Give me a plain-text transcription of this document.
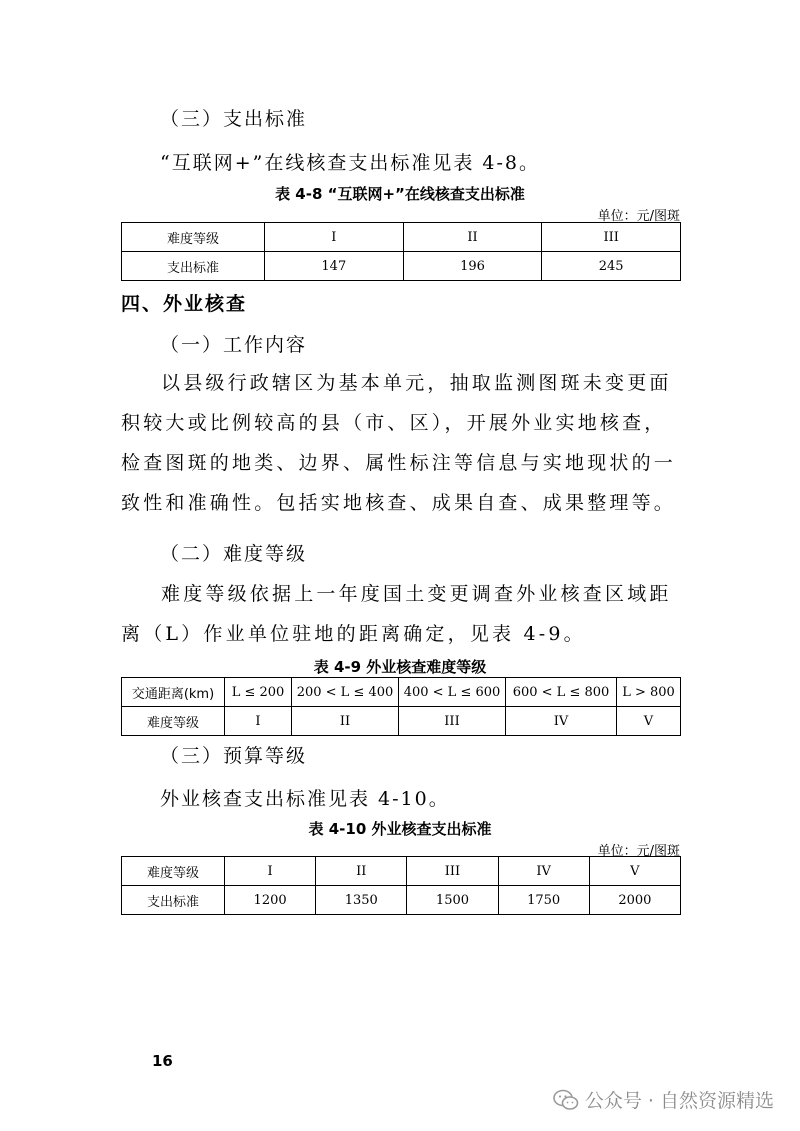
（三）支出标准
“互联网+”在线核查支出标准见表 4-8。
表 4-8 “互联网+”在线核查支出标准
单位：元/图斑
难度等级	I	II	III
支出标准	147	196	245
四、外业核查
（一）工作内容
以县级行政辖区为基本单元，抽取监测图斑未变更面积较大或比例较高的县（市、区），开展外业实地核查，检查图斑的地类、边界、属性标注等信息与实地现状的一致性和准确性。包括实地核查、成果自查、成果整理等。
（二）难度等级
难度等级依据上一年度国土变更调查外业核查区域距离（L）作业单位驻地的距离确定，见表 4-9。
表 4-9 外业核查难度等级
交通距离(km)	L ≤ 200	200 < L ≤ 400	400 < L ≤ 600	600 < L ≤ 800	L > 800
难度等级	I	II	III	IV	V
（三）预算等级
外业核查支出标准见表 4-10。
表 4-10 外业核查支出标准
单位：元/图斑
难度等级	I	II	III	IV	V
支出标准	1200	1350	1500	1750	2000
16
公众号 · 自然资源精选
